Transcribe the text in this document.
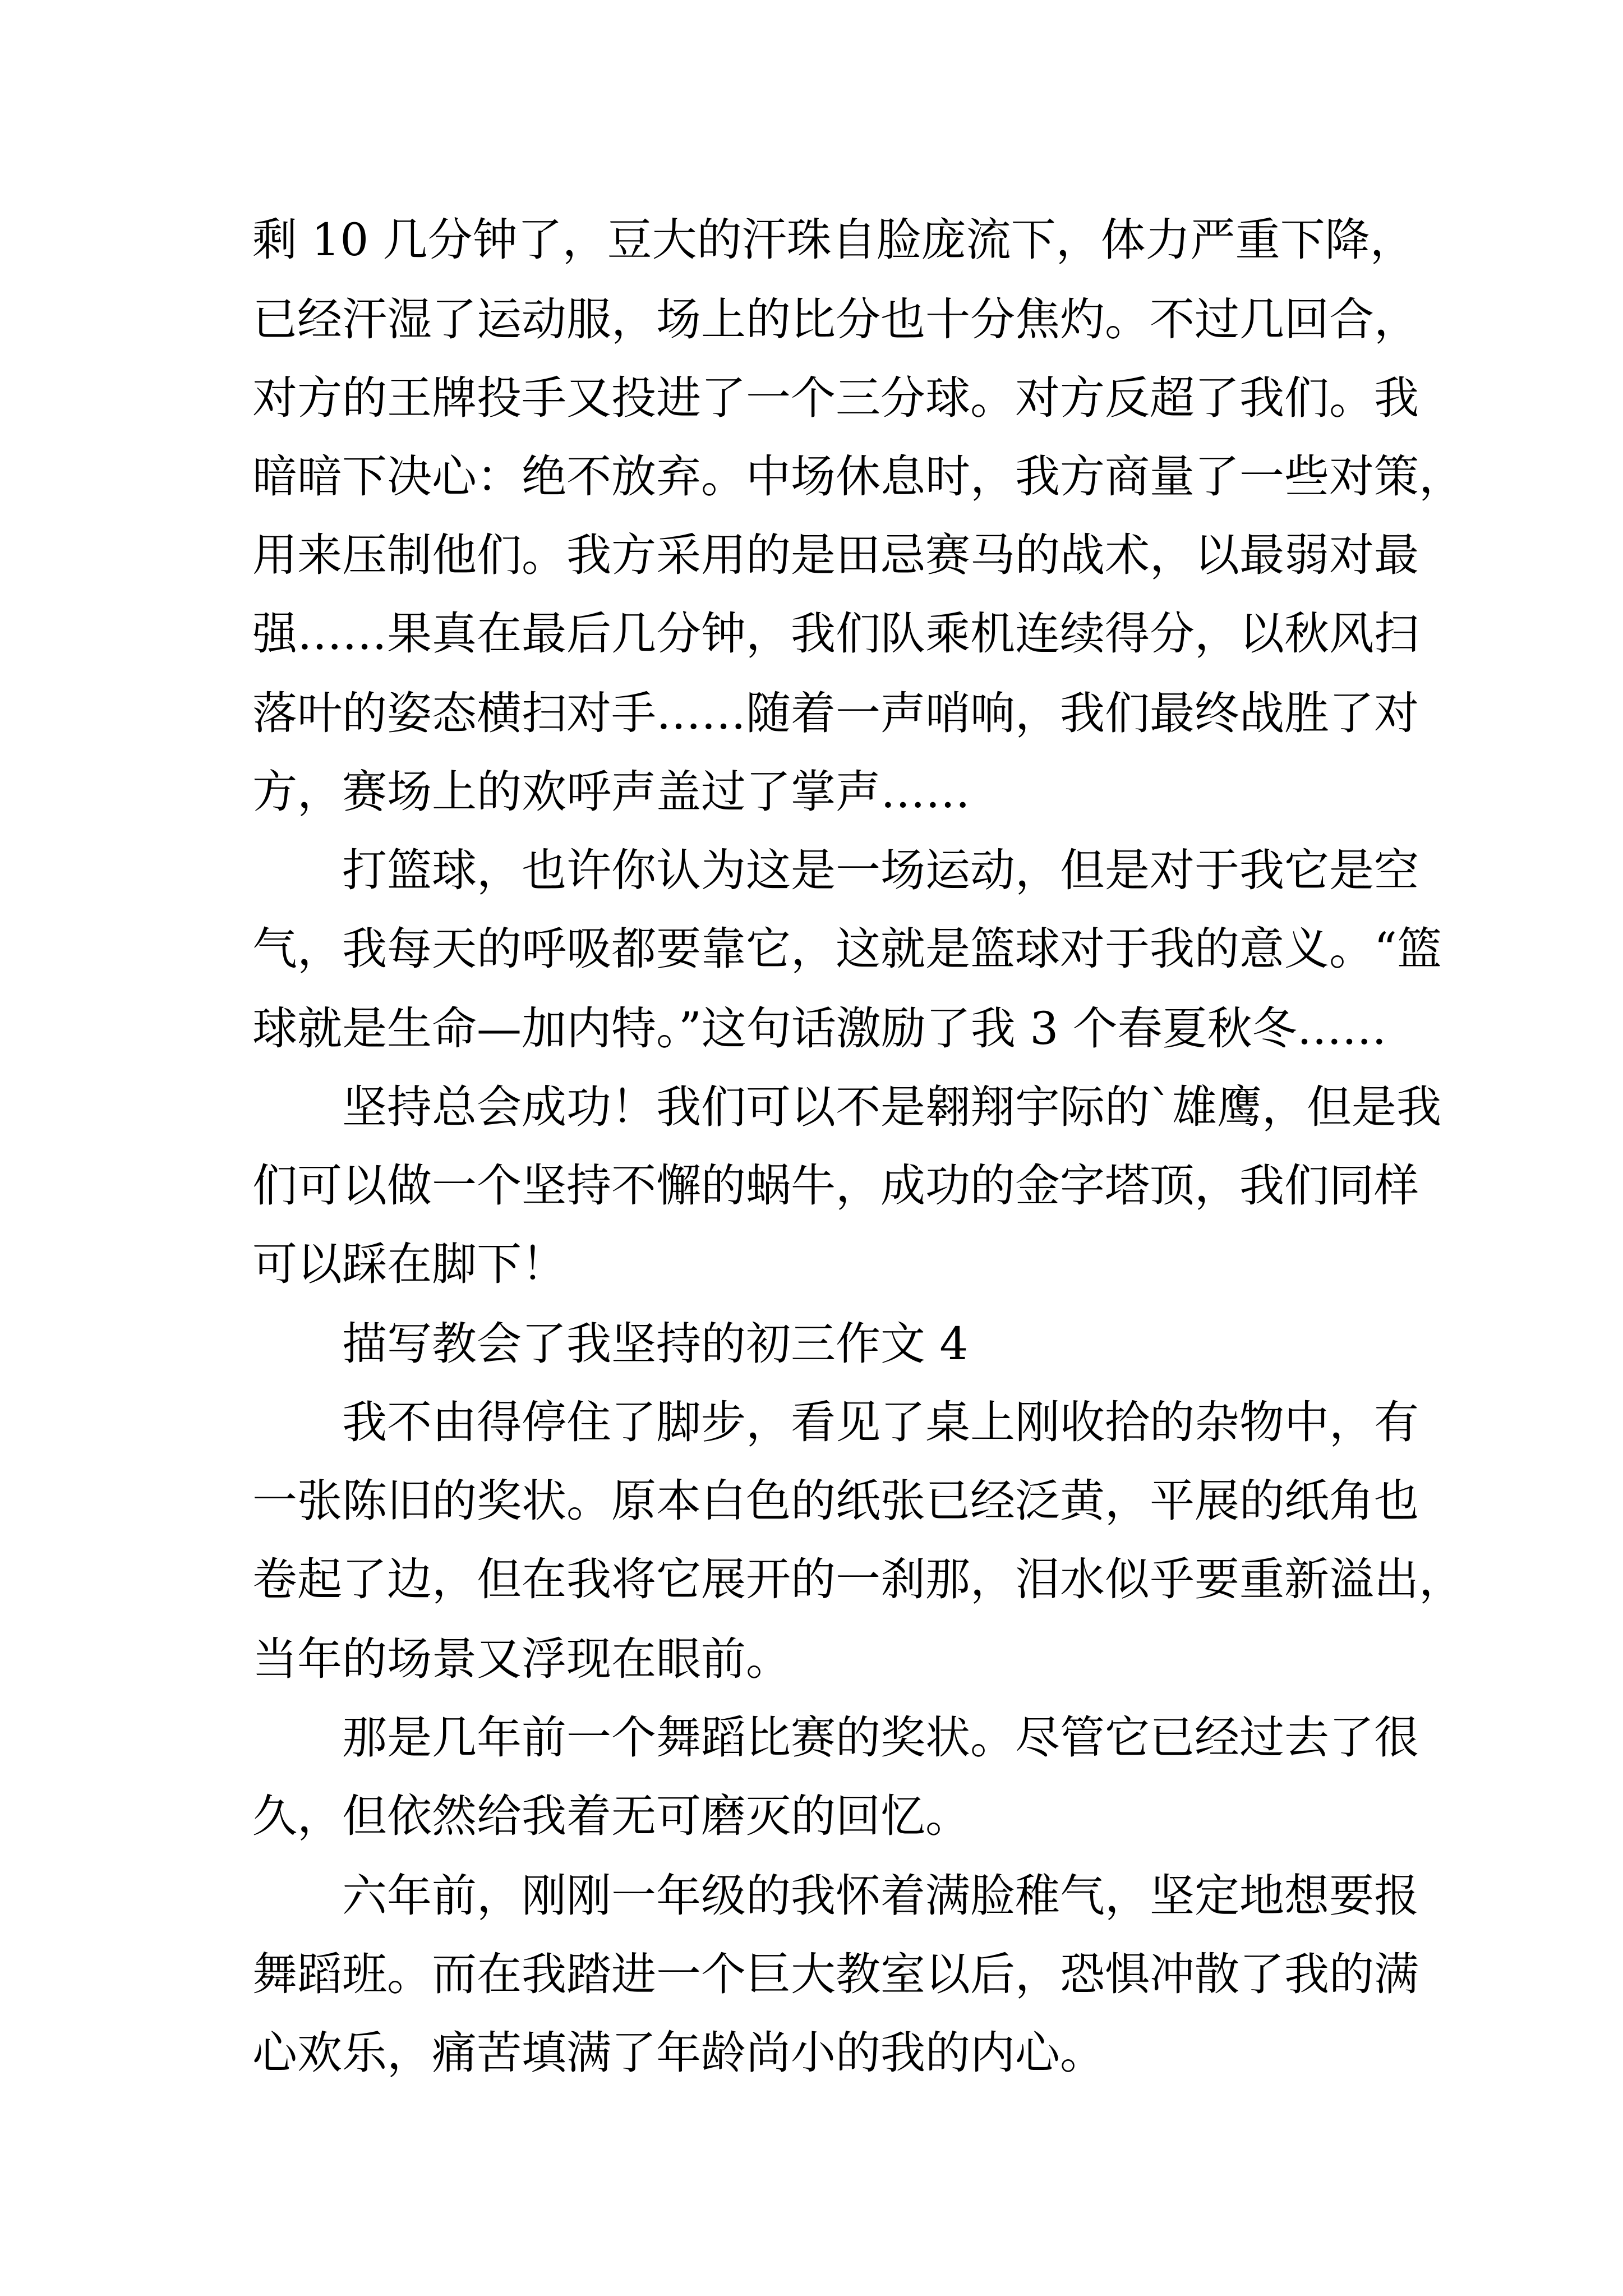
剩 10 几分钟了，豆大的汗珠自脸庞流下，体力严重下降，
已经汗湿了运动服，场上的比分也十分焦灼。不过几回合，
对方的王牌投手又投进了一个三分球。对方反超了我们。我
暗暗下决心：绝不放弃。中场休息时，我方商量了一些对策，
用来压制他们。我方采用的是田忌赛马的战术，以最弱对最
强……果真在最后几分钟，我们队乘机连续得分，以秋风扫
落叶的姿态横扫对手……随着一声哨响，我们最终战胜了对
方，赛场上的欢呼声盖过了掌声……
打篮球，也许你认为这是一场运动，但是对于我它是空
气，我每天的呼吸都要靠它，这就是篮球对于我的意义。“篮
球就是生命—加内特。”这句话激励了我 3 个春夏秋冬……
坚持总会成功！我们可以不是翱翔宇际的`雄鹰，但是我
们可以做一个坚持不懈的蜗牛，成功的金字塔顶，我们同样
可以踩在脚下！
描写教会了我坚持的初三作文 4
我不由得停住了脚步，看见了桌上刚收拾的杂物中，有
一张陈旧的奖状。原本白色的纸张已经泛黄，平展的纸角也
卷起了边，但在我将它展开的一刹那，泪水似乎要重新溢出，
当年的场景又浮现在眼前。
那是几年前一个舞蹈比赛的奖状。尽管它已经过去了很
久，但依然给我着无可磨灭的回忆。
六年前，刚刚一年级的我怀着满脸稚气，坚定地想要报
舞蹈班。而在我踏进一个巨大教室以后，恐惧冲散了我的满
心欢乐，痛苦填满了年龄尚小的我的内心。
